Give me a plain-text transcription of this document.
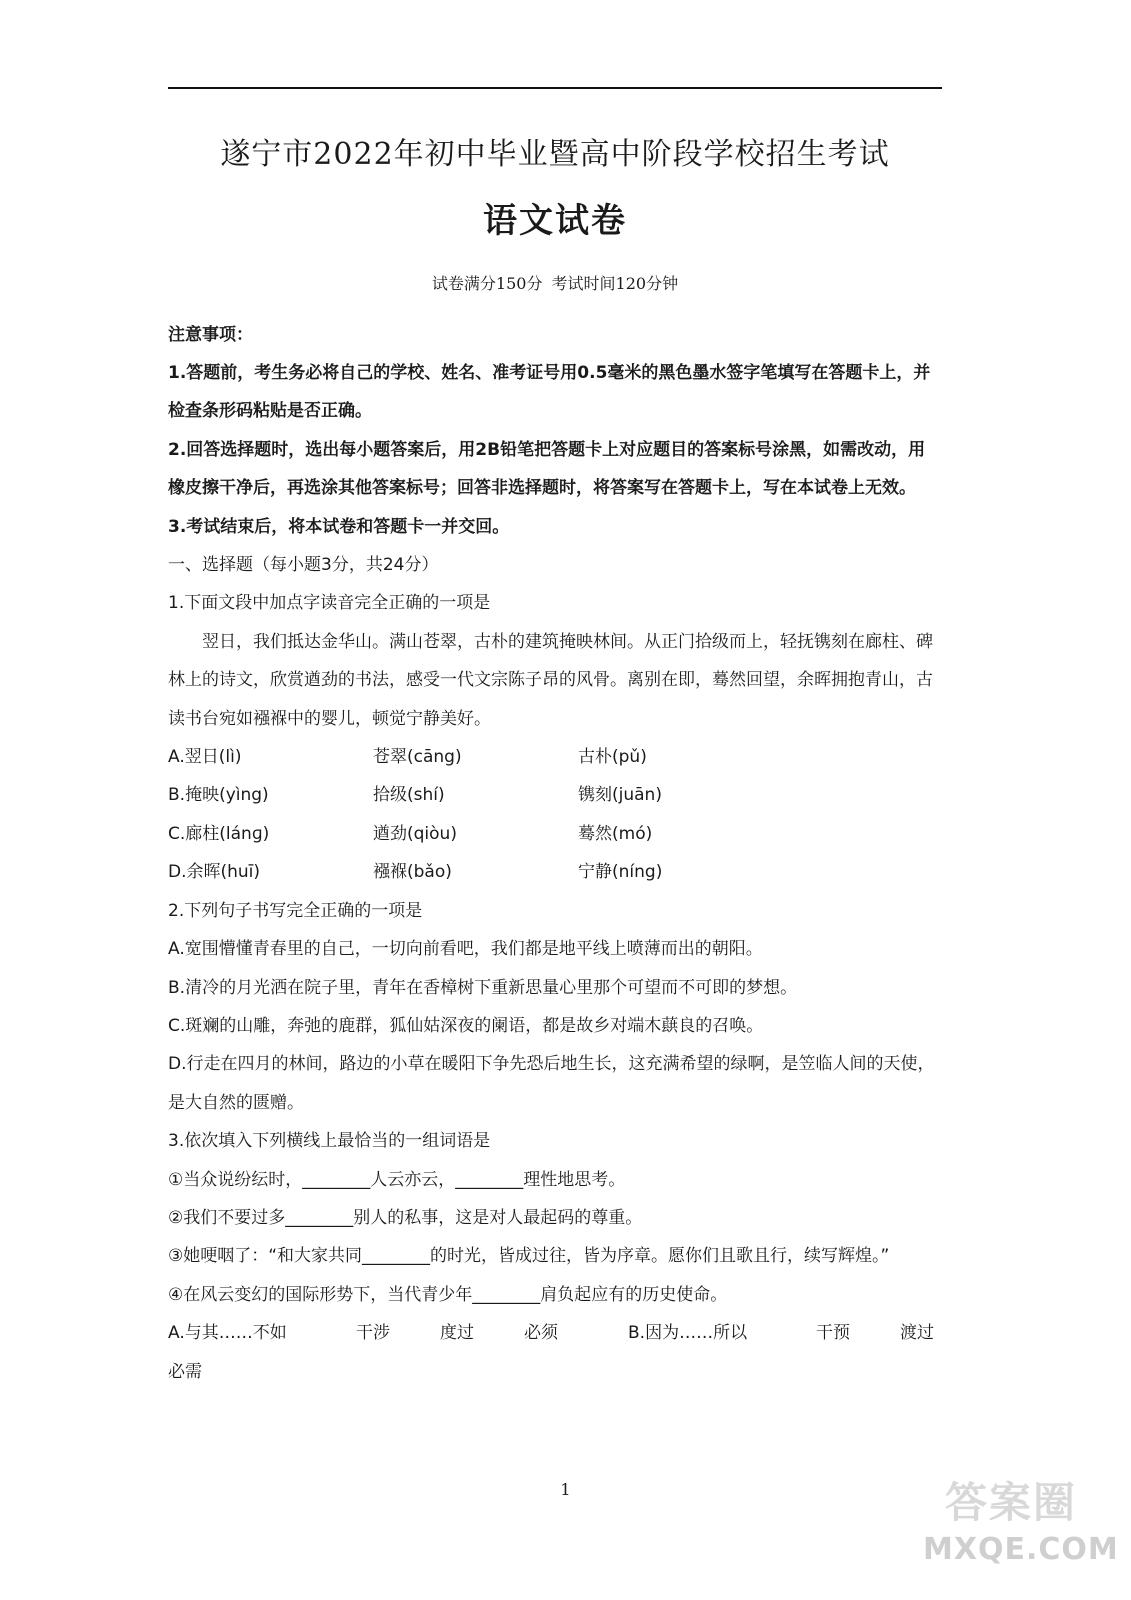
遂宁市2022年初中毕业暨高中阶段学校招生考试
语文试卷
试卷满分150分 考试时间120分钟
注意事项：
1.答题前，考生务必将自己的学校、姓名、准考证号用0.5毫米的黑色墨水签字笔填写在答题卡上，并检查条形码粘贴是否正确。
2.回答选择题时，选出每小题答案后，用2B铅笔把答题卡上对应题目的答案标号涂黑，如需改动，用橡皮擦干净后，再选涂其他答案标号；回答非选择题时，将答案写在答题卡上，写在本试卷上无效。
3.考试结束后，将本试卷和答题卡一并交回。
一、选择题（每小题3分，共24分）
1.下面文段中加点字读音完全正确的一项是
翌日，我们抵达金华山。满山苍翠，古朴的建筑掩映林间。从正门拾级而上，轻抚镌刻在廊柱、碑林上的诗文，欣赏遒劲的书法，感受一代文宗陈子昂的风骨。离别在即，蓦然回望，余晖拥抱青山，古读书台宛如襁褓中的婴儿，顿觉宁静美好。
A.翌日(lì)	苍翠(cāng)	古朴(pǔ)
B.掩映(yìng)	拾级(shí)	镌刻(juān)
C.廊柱(lánɡ)	遒劲(qiòu)	蓦然(mó)
D.余晖(huī)	襁褓(bǎo)	宁静(níng)
2.下列句子书写完全正确的一项是
A.宽围懵懂青春里的自己，一切向前看吧，我们都是地平线上喷薄而出的朝阳。
B.清冷的月光洒在院子里，青年在香樟树下重新思量心里那个可望而不可即的梦想。
C.斑斓的山雕，奔弛的鹿群，狐仙姑深夜的阑语，都是故乡对端木蕻良的召唤。
D.行走在四月的林间，路边的小草在暖阳下争先恐后地生长，这充满希望的绿啊，是笠临人间的天使，是大自然的匮赠。
3.依次填入下列横线上最恰当的一组词语是
①当众说纷纭时，________人云亦云，________理性地思考。
②我们不要过多________别人的私事，这是对人最起码的尊重。
③她哽咽了：“和大家共同________的时光，皆成过往，皆为序章。愿你们且歌且行，续写辉煌。”
④在风云变幻的国际形势下，当代青少年________肩负起应有的历史使命。
A.与其……不如	干涉	度过	必须	B.因为……所以	干预	渡过
必需
1	答案圈
MXQE.COM
